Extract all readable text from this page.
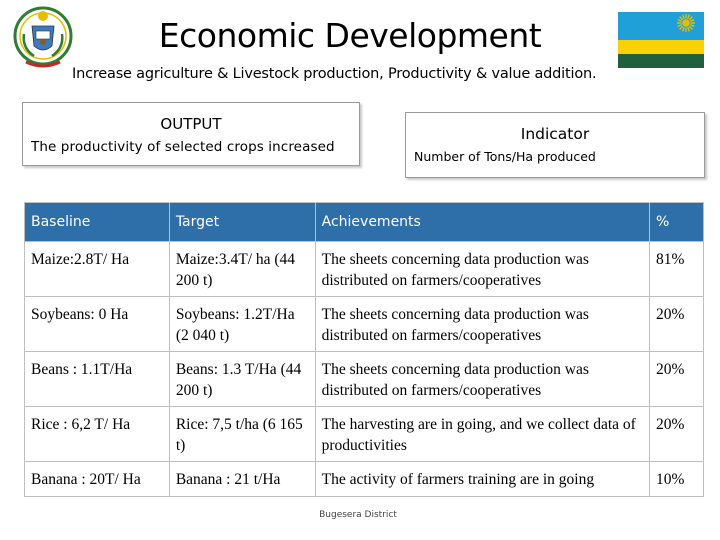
Economic Development
Increase agriculture & Livestock production, Productivity & value addition.
OUTPUT
The productivity of selected crops increased
Indicator
Number of Tons/Ha produced
Baseline	Target	Achievements	%
Maize:2.8T/ Ha	Maize:3.4T/ ha (44 200 t)	The sheets concerning data production was distributed on farmers/cooperatives	81%
Soybeans: 0 Ha	Soybeans: 1.2T/Ha (2 040 t)	The sheets concerning data production was distributed on farmers/cooperatives	20%
Beans : 1.1T/Ha	Beans: 1.3 T/Ha (44 200 t)	The sheets concerning data production was distributed on farmers/cooperatives	20%
Rice : 6,2 T/ Ha	Rice: 7,5 t/ha (6 165 t)	The harvesting are in going, and we collect data of productivities	20%
Banana : 20T/ Ha	Banana : 21 t/Ha	The activity of farmers training are in going	10%
Bugesera District
